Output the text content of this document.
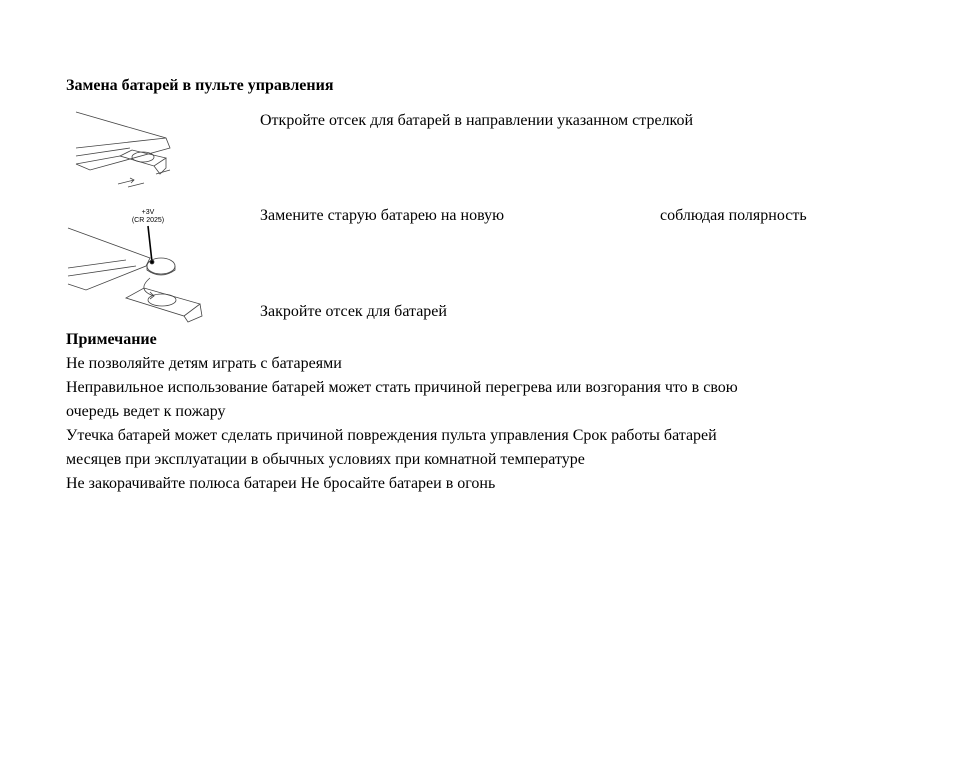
Замена батарей в пульте управления
Откройте отсек для батарей в направлении указанном стрелкой
+3V
(CR 2025)	Замените старую батарею на новую	соблюдая полярность
Закройте отсек для батарей
Примечание
Не позволяйте детям играть с батареями
Неправильное использование батарей может стать причиной перегрева или возгорания что в свою
очередь ведет к пожару
Утечка батарей может сделать причиной повреждения пульта управления Срок работы батарей
месяцев при эксплуатации в обычных условиях при комнатной температуре
Не закорачивайте полюса батареи Не бросайте батареи в огонь
